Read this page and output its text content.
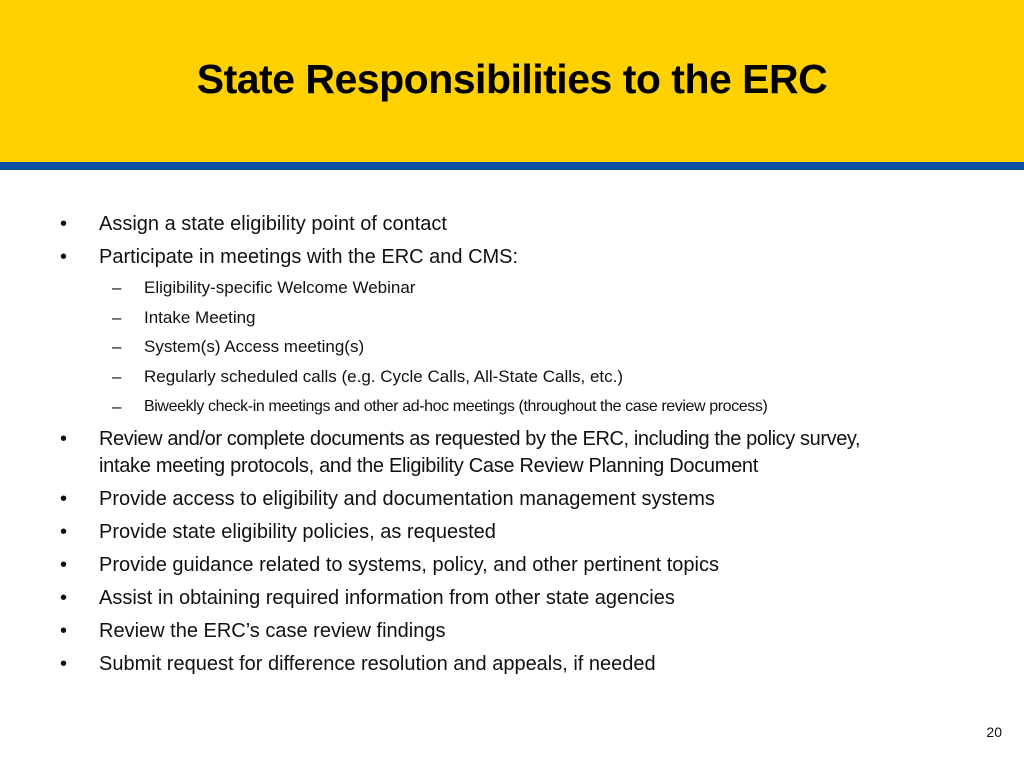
State Responsibilities to the ERC
•	Assign a state eligibility point of contact
•	Participate in meetings with the ERC and CMS:
–	Eligibility-specific Welcome Webinar
–	Intake Meeting
–	System(s) Access meeting(s)
–	Regularly scheduled calls (e.g. Cycle Calls, All-State Calls, etc.)
–	Biweekly check-in meetings and other ad-hoc meetings (throughout the case review process)
•	Review and/or complete documents as requested by the ERC, including the policy survey,
intake meeting protocols, and the Eligibility Case Review Planning Document
•	Provide access to eligibility and documentation management systems
•	Provide state eligibility policies, as requested
•	Provide guidance related to systems, policy, and other pertinent topics
•	Assist in obtaining required information from other state agencies
•	Review the ERC’s case review findings
•	Submit request for difference resolution and appeals, if needed
20
